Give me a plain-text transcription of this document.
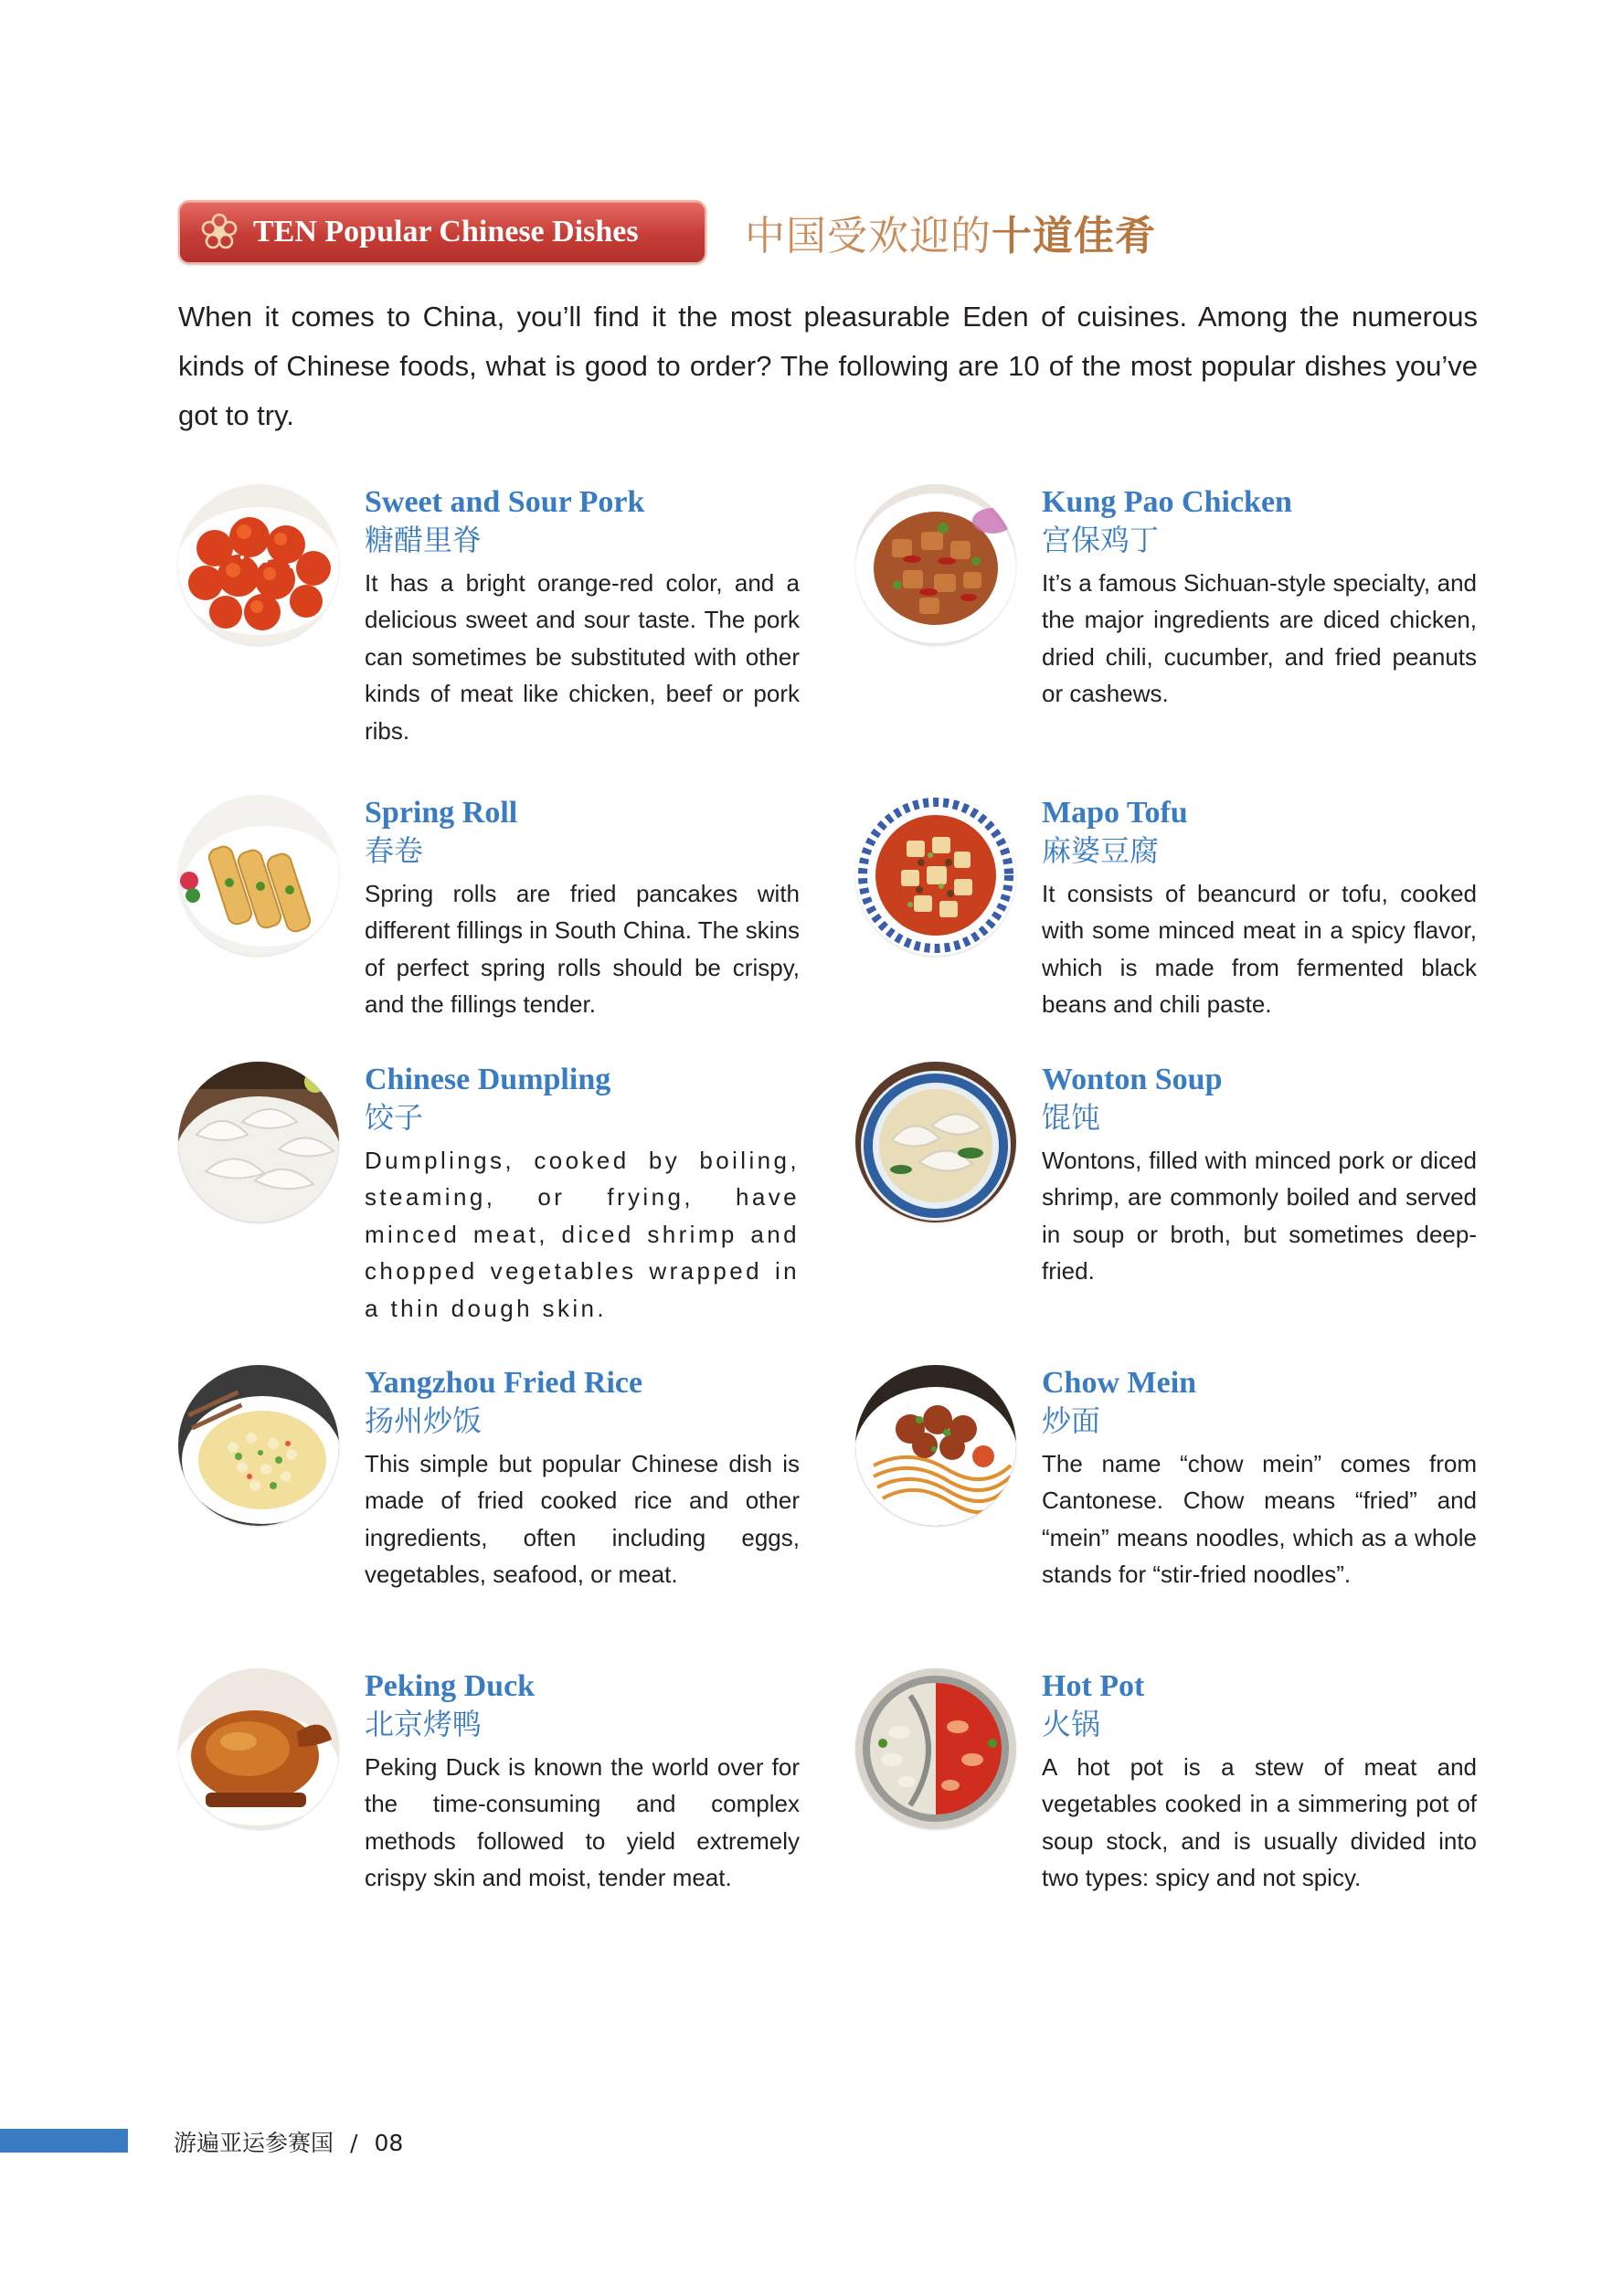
TEN Popular Chinese Dishes	中国受欢迎的十道佳肴

When it comes to China, you’ll find it the most pleasurable Eden of cuisines. Among the numerous kinds of Chinese foods, what is good to order? The following are 10 of the most popular dishes you’ve got to try.

Sweet and Sour Pork
糖醋里脊

It has a bright orange-red color, and a delicious sweet and sour taste. The pork can sometimes be substituted with other kinds of meat like chicken, beef or pork ribs.

Kung Pao Chicken
宫保鸡丁

It’s a famous Sichuan-style specialty, and the major ingredients are diced chicken, dried chili, cucumber, and fried peanuts or cashews.

Spring Roll
春卷

Spring rolls are fried pancakes with different fillings in South China. The skins of perfect spring rolls should be crispy, and the fillings tender.

Mapo Tofu
麻婆豆腐

It consists of beancurd or tofu, cooked with some minced meat in a spicy flavor, which is made from fermented black beans and chili paste.

Chinese Dumpling
饺子

Dumplings, cooked by boiling, steaming, or frying, have minced meat, diced shrimp and chopped vegetables wrapped in a thin dough skin.

Wonton Soup
馄饨

Wontons, filled with minced pork or diced shrimp, are commonly boiled and served in soup or broth, but sometimes deep-fried.

Yangzhou Fried Rice
扬州炒饭

This simple but popular Chinese dish is made of fried cooked rice and other ingredients, often including eggs, vegetables, seafood, or meat.

Chow Mein
炒面

The name “chow mein” comes from Cantonese. Chow means “fried” and “mein” means noodles, which as a whole stands for “stir-fried noodles”.

Peking Duck
北京烤鸭

Peking Duck is known the world over for the time-consuming and complex methods followed to yield extremely crispy skin and moist, tender meat.

Hot Pot
火锅

A hot pot is a stew of meat and vegetables cooked in a simmering pot of soup stock, and is usually divided into two types: spicy and not spicy.

游遍亚运参赛国 / 08
